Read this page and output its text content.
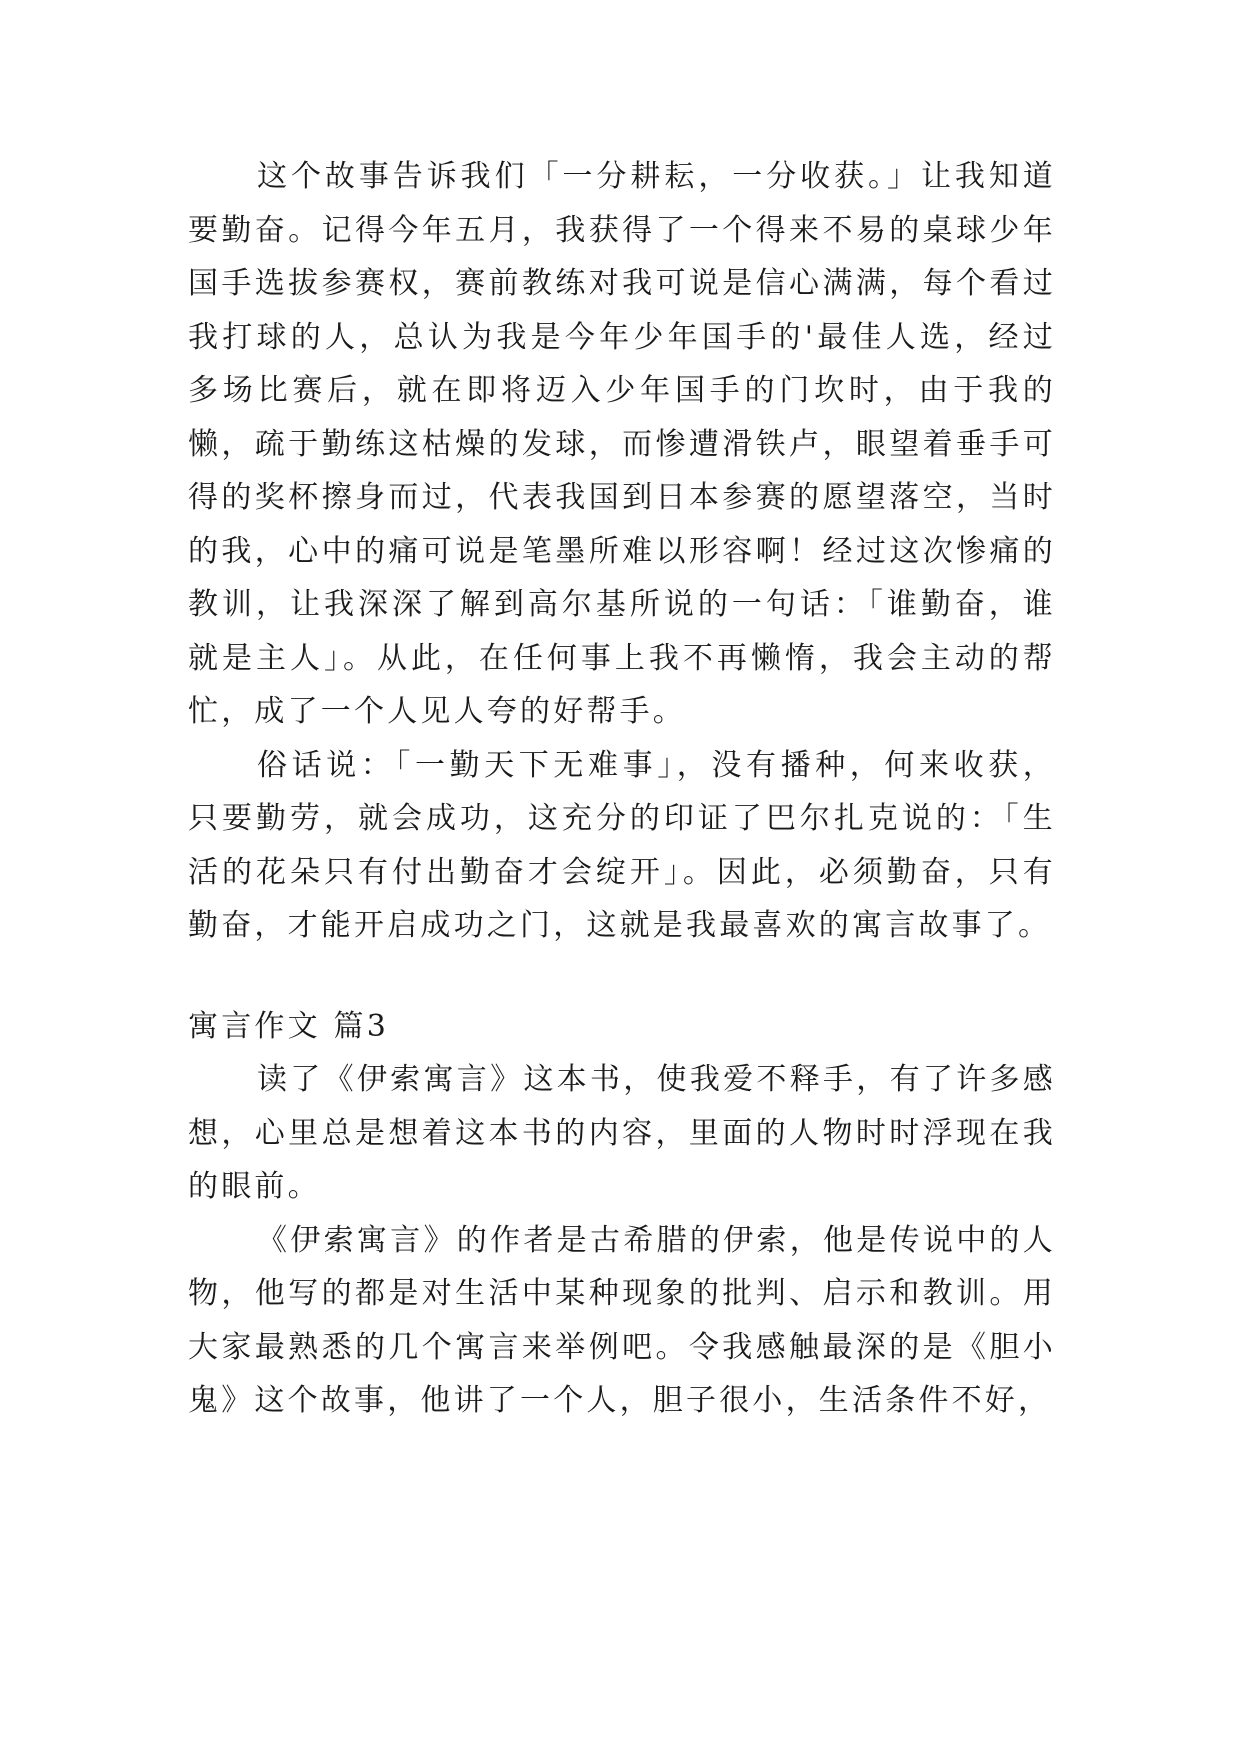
这个故事告诉我们「一分耕耘，一分收获。」让我知道要勤奋。记得今年五月，我获得了一个得来不易的桌球少年国手选拔参赛权，赛前教练对我可说是信心满满，每个看过我打球的人，总认为我是今年少年国手的'最佳人选，经过多场比赛后，就在即将迈入少年国手的门坎时，由于我的懒，疏于勤练这枯燥的发球，而惨遭滑铁卢，眼望着垂手可得的奖杯擦身而过，代表我国到日本参赛的愿望落空，当时的我，心中的痛可说是笔墨所难以形容啊！经过这次惨痛的教训，让我深深了解到高尔基所说的一句话：「谁勤奋，谁就是主人」。从此，在任何事上我不再懒惰，我会主动的帮忙，成了一个人见人夸的好帮手。

俗话说：「一勤天下无难事」，没有播种，何来收获，只要勤劳，就会成功，这充分的印证了巴尔扎克说的：「生活的花朵只有付出勤奋才会绽开」。因此，必须勤奋，只有勤奋，才能开启成功之门，这就是我最喜欢的寓言故事了。

寓言作文 篇3

读了《伊索寓言》这本书，使我爱不释手，有了许多感想，心里总是想着这本书的内容，里面的人物时时浮现在我的眼前。

《伊索寓言》的作者是古希腊的伊索，他是传说中的人物，他写的都是对生活中某种现象的批判、启示和教训。用大家最熟悉的几个寓言来举例吧。令我感触最深的是《胆小鬼》这个故事，他讲了一个人，胆子很小，生活条件不好，
